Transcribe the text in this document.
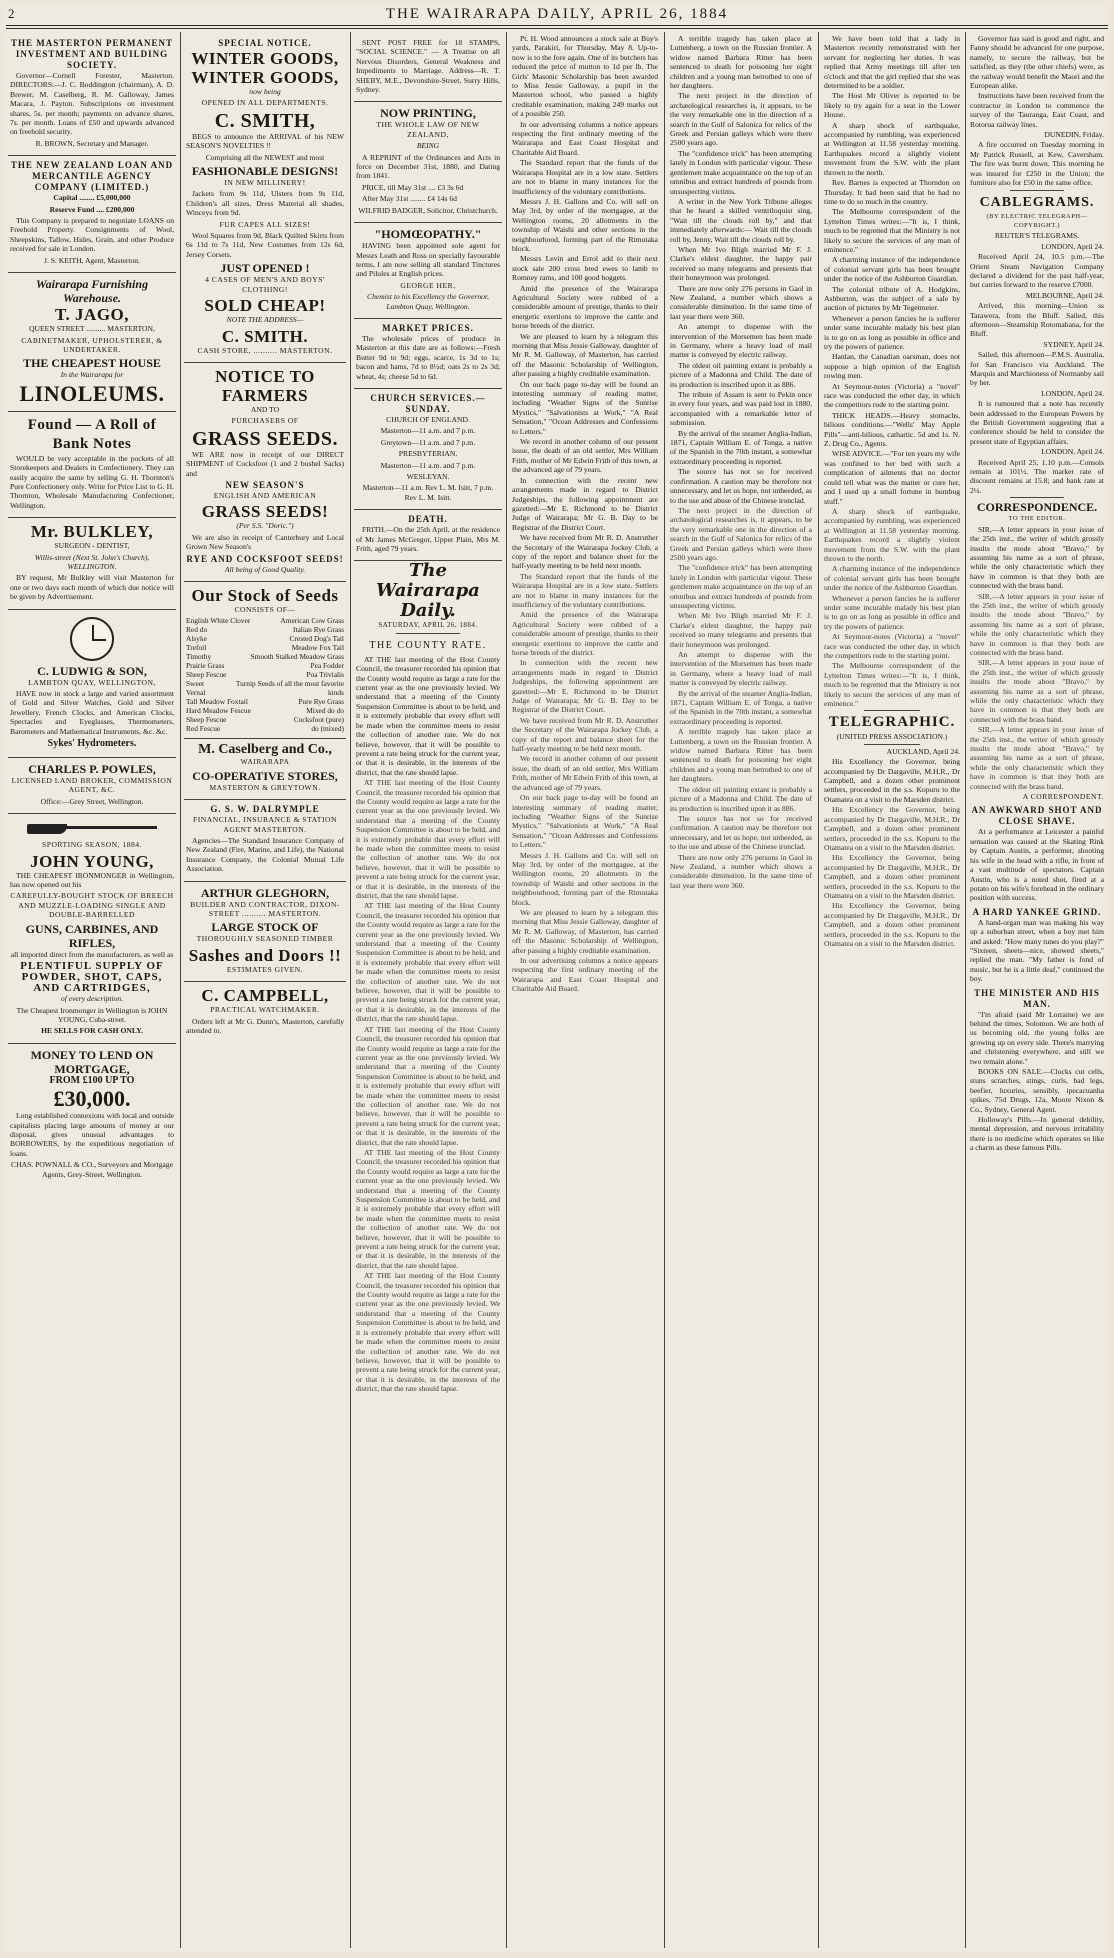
2	THE WAIRARAPA DAILY, APRIL 26, 1884
THE MASTERTON PERMANENT INVESTMENT AND BUILDING SOCIETY.

Governor—Cornell Forester, Masterton. DIRECTORS:—J. C. Boddington (chairman), A. D. Brewer, M. Caselberg, R. M. Galloway, James Macara, J. Payton. Subscriptions on investment shares, 5s. per month; payments on advance shares, 7s. per month. Loans of £50 and upwards advanced on freehold security.

R. BROWN, Secretary and Manager.

THE NEW ZEALAND LOAN AND MERCANTILE AGENCY COMPANY (LIMITED.)

Capital ........ £5,000,000

Reserve Fund .... £200,000

This Company is prepared to negotiate LOANS on Freehold Property. Consignments of Wool, Sheepskins, Tallow, Hides, Grain, and other Produce received for sale in London.

J. S. KEITH, Agent, Masterton.

Wairarapa Furnishing Warehouse.
T. JAGO,

QUEEN STREET .......... MASTERTON,

CABINETMAKER, UPHOLSTERER, & UNDERTAKER.

THE CHEAPEST HOUSE

In the Wairarapa for

LINOLEUMS.
Found — A Roll of Bank Notes

WOULD be very acceptable in the pockets of all Storekeepers and Dealers in Confectionery. They can easily acquire the same by selling G. H. Thornton's Pure Confectionery only. Write for Price List to G. H. Thornton, Wholesale Manufacturing Confectioner, Wellington.

Mr. BULKLEY,

SURGEON - DENTIST,

Willis-street (Next St. John's Church), WELLINGTON.

BY request, Mr Bulkley will visit Masterton for one or two days each month of which due notice will be given by Advertisement.

C. LUDWIG & SON,

LAMBTON QUAY, WELLINGTON,

HAVE now in stock a large and varied assortment of Gold and Silver Watches, Gold and Silver Jewellery, French Clocks, and American Clocks, Spectacles and Eyeglasses, Thermometers, Barometers and Mathematical Instruments, &c. &c.

Sykes' Hydrometers.

CHARLES P. POWLES,

LICENSED LAND BROKER, COMMISSION AGENT, &C.

Office:—Grey Street, Wellington.

SPORTING SEASON, 1884.

JOHN YOUNG,

THE CHEAPEST IRONMONGER in Wellington, has now opened out his

CAREFULLY-BOUGHT STOCK OF BREECH AND MUZZLE-LOADING SINGLE AND DOUBLE-BARRELLED

GUNS, CARBINES, AND RIFLES,

all imported direct from the manufacturers, as well as

PLENTIFUL SUPPLY OF POWDER, SHOT, CAPS, AND CARTRIDGES,

of every description.

The Cheapest Ironmonger in Wellington is JOHN YOUNG, Cuba-street.

HE SELLS FOR CASH ONLY.

MONEY TO LEND ON MORTGAGE,

FROM £100 UP TO

£30,000.

Long established connexions with local and outside capitalists placing large amounts of money at our disposal, gives unusual advantages to BORROWERS, by the expeditious negotiation of loans.

CHAS. POWNALL & CO., Surveyors and Mortgage Agents, Grey-Street, Wellington.

SPECIAL NOTICE.
WINTER GOODS,
WINTER GOODS,

now being

OPENED IN ALL DEPARTMENTS.

C. SMITH,

BEGS to announce the ARRIVAL of his NEW SEASON'S NOVELTIES !!

Comprising all the NEWEST and most

FASHIONABLE DESIGNS!

IN NEW MILLINERY!

Jackets from 9s 11d, Ulsters from 9s 11d, Children's all sizes, Dress Material all shades, Winceys from 9d.

FUR CAPES ALL SIZES!

Wool Squares from 9d, Black Quilted Skirts from 6s 11d to 7s 11d, New Costumes from 12s 6d, Jersey Corsets.

JUST OPENED !

4 CASES OF MEN'S AND BOYS' CLOTHING!

SOLD CHEAP!

NOTE THE ADDRESS—

C. SMITH.

CASH STORE, .......... MASTERTON.

NOTICE TO FARMERS

AND TO

PURCHASERS OF

GRASS SEEDS.

WE ARE now in receipt of our DIRECT SHIPMENT of Cocksfoot (1 and 2 bushel Sacks) and

NEW SEASON'S

ENGLISH AND AMERICAN

GRASS SEEDS!

(Per S.S. "Doric.")

We are also in receipt of Canterbury and Local Grown New Season's

RYE AND COCKSFOOT SEEDS!

All being of Good Quality.

Our Stock of Seeds

CONSISTS OF—

English White Clover	American Cow Grass
Red do	Italian Rye Grass
Alsyke	Crested Dog's Tail
Trefoil	Meadow Fox Tail
Timothy	Smooth Stalked Meadow Grass
Prairie Grass	Pea Fodder
Sheep Fescue	Poa Trivialis
Sweet Vernal
Turnip Seeds of all the most favorite kinds
Tall Meadow Foxtail	Pure Rye Grass
Hard Meadow Fescue	Mixed do do
Sheep Fescue	Cocksfoot (pure)
Red Fescue	do (mixed)
M. Caselberg and Co.,

WAIRARAPA

CO-OPERATIVE STORES,

MASTERTON & GREYTOWN.

G. S. W. DALRYMPLE

FINANCIAL, INSURANCE & STATION AGENT MASTERTON.

Agencies—The Standard Insurance Company of New Zealand (Fire, Marine, and Life), the National Insurance Company, the Colonial Mutual Life Association.

ARTHUR GLEGHORN,

BUILDER AND CONTRACTOR, DIXON-STREET .......... MASTERTON.

LARGE STOCK OF

THOROUGHLY SEASONED TIMBER

Sashes and Doors !!

ESTIMATES GIVEN.

C. CAMPBELL,

PRACTICAL WATCHMAKER.

Orders left at Mr G. Dunn's, Masterton, carefully attended to.

SENT POST FREE for 18 STAMPS, "SOCIAL SCIENCE." — A Treatise on all Nervous Disorders, General Weakness and Impediments to Marriage. Address—R. T. SHEBY, M.E., Devonshire-Street, Surry Hills, Sydney.

NOW PRINTING,

THE WHOLE LAW OF NEW ZEALAND,

BEING

A REPRINT of the Ordinances and Acts in force on December 31st, 1880, and Dating from 1841.

PRICE, till May 31st .... £3 3s 6d

After May 31st ........ £4 14s 6d

WILFRID BADGER, Solicitor, Christchurch.

"HOMŒOPATHY."

HAVING been appointed sole agent for Messrs Leath and Ross on specially favourable terms, I am now selling all standard Tinctures and Pilules at English prices.

GEORGE HER,

Chemist to his Excellency the Governor, Lambton Quay, Wellington.

MARKET PRICES.

The wholesale prices of produce in Masterton at this date are as follows:—Fresh Butter 9d to 9d; eggs, scarce, 1s 3d to 1s; bacon and hams, 7d to 8½d; oats 2s to 2s 3d; wheat, 4s; cheese 5d to 6d.

CHURCH SERVICES.—SUNDAY.

CHURCH OF ENGLAND.

Masterton—11 a.m. and 7 p.m.

Greytown—11 a.m. and 7 p.m.

PRESBYTERIAN.

Masterton—11 a.m. and 7 p.m.

WESLEYAN.

Masterton—11 a.m. Rev L. M. Isitt, 7 p.m. Rev L. M. Isitt.

DEATH.

FRITH.—On the 25th April, at the residence of Mr James McGregor, Upper Plain, Mrs M. Frith, aged 79 years.

The Wairarapa Daily.

SATURDAY, APRIL 26, 1884.

THE COUNTY RATE.

AT THE last meeting of the Host County Council, the treasurer recorded his opinion that the County would require as large a rate for the current year as the one previously levied. We understand that a meeting of the County Suspension Committee is about to be held, and it is extremely probable that every effort will be made when the committee meets to resist the collection of another rate. We do not believe, however, that it will be possible to prevent a rate being struck for the current year, or that it is desirable, in the interests of the district, that the rate should lapse.

AT THE last meeting of the Host County Council, the treasurer recorded his opinion that the County would require as large a rate for the current year as the one previously levied. We understand that a meeting of the County Suspension Committee is about to be held, and it is extremely probable that every effort will be made when the committee meets to resist the collection of another rate. We do not believe, however, that it will be possible to prevent a rate being struck for the current year, or that it is desirable, in the interests of the district, that the rate should lapse.

AT THE last meeting of the Host County Council, the treasurer recorded his opinion that the County would require as large a rate for the current year as the one previously levied. We understand that a meeting of the County Suspension Committee is about to be held, and it is extremely probable that every effort will be made when the committee meets to resist the collection of another rate. We do not believe, however, that it will be possible to prevent a rate being struck for the current year, or that it is desirable, in the interests of the district, that the rate should lapse.

AT THE last meeting of the Host County Council, the treasurer recorded his opinion that the County would require as large a rate for the current year as the one previously levied. We understand that a meeting of the County Suspension Committee is about to be held, and it is extremely probable that every effort will be made when the committee meets to resist the collection of another rate. We do not believe, however, that it will be possible to prevent a rate being struck for the current year, or that it is desirable, in the interests of the district, that the rate should lapse.

AT THE last meeting of the Host County Council, the treasurer recorded his opinion that the County would require as large a rate for the current year as the one previously levied. We understand that a meeting of the County Suspension Committee is about to be held, and it is extremely probable that every effort will be made when the committee meets to resist the collection of another rate. We do not believe, however, that it will be possible to prevent a rate being struck for the current year, or that it is desirable, in the interests of the district, that the rate should lapse.

AT THE last meeting of the Host County Council, the treasurer recorded his opinion that the County would require as large a rate for the current year as the one previously levied. We understand that a meeting of the County Suspension Committee is about to be held, and it is extremely probable that every effort will be made when the committee meets to resist the collection of another rate. We do not believe, however, that it will be possible to prevent a rate being struck for the current year, or that it is desirable, in the interests of the district, that the rate should lapse.

Pt. H. Wood announces a stock sale at Buy's yards, Parakiri, for Thursday, May 8. Up-to-now is to the fore again. One of its butchers has reduced the price of mutton to 1d per lb. The Girls' Masonic Scholarship has been awarded to Miss Jessie Galloway, a pupil in the Masterton school, who passed a highly creditable examination, making 249 marks out of a possible 250.

In our advertising columns a notice appears respecting the first ordinary meeting of the Wairarapa and East Coast Hospital and Charitable Aid Board.

The Standard report that the funds of the Wairarapa Hospital are in a low state. Settlers are not to blame in many instances for the insufficiency of the voluntary contributions.

Messrs J. H. Gallons and Co. will sell on May 3rd, by order of the mortgagee, at the Wellington rooms, 20 allotments in the township of Waishi and other sections in the neighbourhood, forming part of the Rimutaka block.

Messrs Levin and Errol add to their next stock sale 200 cross bred ewes to lamb to Romney rams, and 100 good hoggets.

Amid the presence of the Wairarapa Agricultural Society were rubbed of a considerable amount of prestige, thanks to their energetic exertions to improve the cattle and horse breeds of the district.

We are pleased to learn by a telegram this morning that Miss Jessie Galloway, daughter of Mr R. M. Galloway, of Masterton, has carried off the Masonic Scholarship of Wellington, after passing a highly creditable examination.

On our back page to-day will be found an interesting summary of reading matter, including "Weather Signs of the Sunrise Mystics," "Salvationists at Work," "A Real Sensation," "Ocean Addresses and Confessions to Letters."

We record in another column of our present issue, the death of an old settler, Mrs William Frith, mother of Mr Edwin Frith of this town, at the advanced age of 79 years.

In connection with the recent new arrangements made in regard to District Judgeships, the following appointment are gazetted:—Mr E. Richmond to be District Judge of Wairarapa; Mr G. B. Day to be Registrar of the District Court.

We have received from Mr R. D. Anstruther the Secretary of the Wairarapa Jockey Club, a copy of the report and balance sheet for the half-yearly meeting to be held next month.

The Standard report that the funds of the Wairarapa Hospital are in a low state. Settlers are not to blame in many instances for the insufficiency of the voluntary contributions.

Amid the presence of the Wairarapa Agricultural Society were rubbed of a considerable amount of prestige, thanks to their energetic exertions to improve the cattle and horse breeds of the district.

In connection with the recent new arrangements made in regard to District Judgeships, the following appointment are gazetted:—Mr E. Richmond to be District Judge of Wairarapa; Mr G. B. Day to be Registrar of the District Court.

We have received from Mr R. D. Anstruther the Secretary of the Wairarapa Jockey Club, a copy of the report and balance sheet for the half-yearly meeting to be held next month.

We record in another column of our present issue, the death of an old settler, Mrs William Frith, mother of Mr Edwin Frith of this town, at the advanced age of 79 years.

On our back page to-day will be found an interesting summary of reading matter, including "Weather Signs of the Sunrise Mystics," "Salvationists at Work," "A Real Sensation," "Ocean Addresses and Confessions to Letters."

Messrs J. H. Gallons and Co. will sell on May 3rd, by order of the mortgagee, at the Wellington rooms, 20 allotments in the township of Waishi and other sections in the neighbourhood, forming part of the Rimutaka block.

We are pleased to learn by a telegram this morning that Miss Jessie Galloway, daughter of Mr R. M. Galloway, of Masterton, has carried off the Masonic Scholarship of Wellington, after passing a highly creditable examination.

In our advertising columns a notice appears respecting the first ordinary meeting of the Wairarapa and East Coast Hospital and Charitable Aid Board.

A terrible tragedy has taken place at Luttenberg, a town on the Russian frontier. A widow named Barbara Ritter has been sentenced to death for poisoning her eight children and a young man betrothed to one of her daughters.

The next project in the direction of archæological researches is, it appears, to be the very remarkable one in the direction of a search in the Gulf of Salonica for relics of the Greek and Persian galleys which were there 2500 years ago.

The "confidence trick" has been attempting lately in London with particular vigour. These gentlemen make acquaintance on the top of an omnibus and extract hundreds of pounds from unsuspecting victims.

A writer in the New York Tribune alleges that he heard a skilled ventriloquist sing, "Wait till the clouds roll by," and that immediately afterwards:— Wait till the clouds roll by, Jenny, Wait till the clouds roll by.

When Mr Ivo Bligh married Mr F. J. Clarke's eldest daughter, the happy pair received so many telegrams and presents that their honeymoon was prolonged.

There are now only 276 persons in Gaol in New Zealand, a number which shows a considerable diminution. In the same time of last year there were 360.

An attempt to dispense with the intervention of the Morsemen has been made in Germany, where a heavy load of mail matter is conveyed by electric railway.

The oldest oil painting extant is probably a picture of a Madonna and Child. The date of its production is inscribed upon it as 886.

The tribute of Assam is sent to Pekin once in every four years, and was paid lost in 1880, accompanied with a remarkable letter of submission.

By the arrival of the steamer Anglia-Indian, 1871, Captain William E. of Tonga, a native of the Spanish in the 70th instant, a somewhat extraordinary proceeding is reported.

The source has not so for received confirmation. A caution may be therefore not unnecessary, and let us hope, not unheeded, as to the use and abuse of the Chinese ironclad.

The next project in the direction of archæological researches is, it appears, to be the very remarkable one in the direction of a search in the Gulf of Salonica for relics of the Greek and Persian galleys which were there 2500 years ago.

The "confidence trick" has been attempting lately in London with particular vigour. These gentlemen make acquaintance on the top of an omnibus and extract hundreds of pounds from unsuspecting victims.

When Mr Ivo Bligh married Mr F. J. Clarke's eldest daughter, the happy pair received so many telegrams and presents that their honeymoon was prolonged.

An attempt to dispense with the intervention of the Morsemen has been made in Germany, where a heavy load of mail matter is conveyed by electric railway.

By the arrival of the steamer Anglia-Indian, 1871, Captain William E. of Tonga, a native of the Spanish in the 70th instant, a somewhat extraordinary proceeding is reported.

A terrible tragedy has taken place at Luttenberg, a town on the Russian frontier. A widow named Barbara Ritter has been sentenced to death for poisoning her eight children and a young man betrothed to one of her daughters.

The oldest oil painting extant is probably a picture of a Madonna and Child. The date of its production is inscribed upon it as 886.

The source has not so for received confirmation. A caution may be therefore not unnecessary, and let us hope, not unheeded, as to the use and abuse of the Chinese ironclad.

There are now only 276 persons in Gaol in New Zealand, a number which shows a considerable diminution. In the same time of last year there were 360.

We have been told that a lady in Masterton recently remonstrated with her servant for neglecting her duties. It was replied that Army meetings till after ten o'clock and that the girl replied that she was determined to be a soldier.

The Host Mr Oliver is reported to be likely to try again for a seat in the Lower House.

A sharp shock of earthquake, accompanied by rumbling, was experienced at Wellington at 11.58 yesterday morning. Earthquakes record a slightly violent movement from the S.W. with the plant thrown to the north.

Rev. Barnes is expected at Thorndon on Thursday. It had been said that he had no time to do so much in the country.

The Melbourne correspondent of the Lyttelton Times writes:—"It is, I think, much to be regretted that the Ministry is not likely to secure the services of any man of eminence."

A charming instance of the independence of colonial servant girls has been brought under the notice of the Ashburton Guardian.

The colonial tribute of A. Hodgkins, Ashburton, was the subject of a sale by auction of pictures by Mr Tegetmeier.

Whenever a person fancies he is sufferer under some incurable malady his best plan is to go on as long as possible in office and try the powers of patience.

Hanlan, the Canadian oarsman, does not suppose a high opinion of the English rowing men.

At Seymour-notes (Victoria) a "novel" race was conducted the other day, in which the competitors rode to the starting point.

THICK HEADS.—Heavy stomachs, bilious conditions.—"Wells' May Apple Pills"—anti-bilious, cathartic. 5d and 1s. N. Z. Drug Co., Agents.

WISE ADVICE.—"For ten years my wife was confined to her bed with such a complication of ailments that no doctor could tell what was the matter or cure her, and I used up a small fortune in humbug stuff."

A sharp shock of earthquake, accompanied by rumbling, was experienced at Wellington at 11.58 yesterday morning. Earthquakes record a slightly violent movement from the S.W. with the plant thrown to the north.

A charming instance of the independence of colonial servant girls has been brought under the notice of the Ashburton Guardian.

Whenever a person fancies he is sufferer under some incurable malady his best plan is to go on as long as possible in office and try the powers of patience.

At Seymour-notes (Victoria) a "novel" race was conducted the other day, in which the competitors rode to the starting point.

The Melbourne correspondent of the Lyttelton Times writes:—"It is, I think, much to be regretted that the Ministry is not likely to secure the services of any man of eminence."

TELEGRAPHIC.

(UNITED PRESS ASSOCIATION.)

AUCKLAND, April 24.

His Excellency the Governor, being accompanied by Dr Dargaville, M.H.R., Dr Campbell, and a dozen other prominent settlers, proceeded in the s.s. Kopuru to the Otamatea on a visit to the Marsden district.

His Excellency the Governor, being accompanied by Dr Dargaville, M.H.R., Dr Campbell, and a dozen other prominent settlers, proceeded in the s.s. Kopuru to the Otamatea on a visit to the Marsden district.

His Excellency the Governor, being accompanied by Dr Dargaville, M.H.R., Dr Campbell, and a dozen other prominent settlers, proceeded in the s.s. Kopuru to the Otamatea on a visit to the Marsden district.

His Excellency the Governor, being accompanied by Dr Dargaville, M.H.R., Dr Campbell, and a dozen other prominent settlers, proceeded in the s.s. Kopuru to the Otamatea on a visit to the Marsden district.

Governor has said is good and right, and Fanny should be advanced for one purpose, namely, to secure the railway, but be satisfied, as they (the other chiefs) were, as the railway would benefit the Maori and the European alike.

Instructions have been received from the contractor in London to commence the survey of the Tauranga, East Coast, and Rotorua railway lines.

DUNEDIN, Friday.

A fire occurred on Tuesday morning in Mr Patrick Russell, at Kew, Caversham. The fire was burnt down. This morning he was insured for £250 in the Union; the furniture also for £50 in the same office.

CABLEGRAMS.

(BY ELECTRIC TELEGRAPH—COPYRIGHT.)

REUTER'S TELEGRAMS.

LONDON, April 24.

Received April 24, 10.5 p.m.—The Orient Steam Navigation Company declared a dividend for the past half-year, but carries forward to the reserve £7000.

MELBOURNE, April 24.

Arrived, this morning—Union ss Tarawera, from the Bluff. Sailed, this afternoon—Steamship Rotomahana, for the Bluff.

SYDNEY, April 24.

Sailed, this afternoon—P.M.S. Australia, for San Francisco via Auckland. The Marquis and Marchioness of Normanby sail by her.

LONDON, April 24.

It is rumoured that a note has recently been addressed to the European Powers by the British Government suggesting that a conference should be held to consider the present state of Egyptian affairs.

LONDON, April 24.

Received April 25, 1.10 p.m.—Consols remain at 101½. The market rate of discount remains at 15.8; and bank rate at 2¼.

CORRESPONDENCE.

TO THE EDITOR.

SIR,—A letter appears in your issue of the 25th inst., the writer of which grossly insults the mode about "Bravo," by assuming his name as a sort of phrase, while the only characteristic which they have in common is that they both are connected with the brass band.

SIR,—A letter appears in your issue of the 25th inst., the writer of which grossly insults the mode about "Bravo," by assuming his name as a sort of phrase, while the only characteristic which they have in common is that they both are connected with the brass band.

SIR,—A letter appears in your issue of the 25th inst., the writer of which grossly insults the mode about "Bravo," by assuming his name as a sort of phrase, while the only characteristic which they have in common is that they both are connected with the brass band.

SIR,—A letter appears in your issue of the 25th inst., the writer of which grossly insults the mode about "Bravo," by assuming his name as a sort of phrase, while the only characteristic which they have in common is that they both are connected with the brass band.

A CORRESPONDENT.

AN AWKWARD SHOT AND CLOSE SHAVE.

At a performance at Leicester a painful sensation was caused at the Skating Rink by Captain Austin, a performer, shooting his wife in the head with a rifle, in front of a vast multitude of spectators. Captain Austin, who is a noted shot, fired at a potato on his wife's forehead in the ordinary position with success.

A HARD YANKEE GRIND.

A hand-organ man was making his way up a suburban street, when a boy met him and asked: "How many tunes do you play?" "Sixteen, sheets—nice, showed sheets," replied the man. "My father is fond of music, but he is a little deaf," continued the boy.

THE MINISTER AND HIS MAN.

"I'm afraid (said Mr Lorraine) we are behind the times, Solomon. We are both of us becoming old, the young folks are growing up on every side. There's marrying and christening everywhere, and still we two remain alone."

BOOKS ON SALE.—Clocks cut cells, stuns scratches, stings, curls, bad legs, beefier, luxuries, sensibly, ipecacuanha spikes, 75d Drugs, 12a, Moore Nixon & Co., Sydney, General Agent.

Holloway's Pills.—In general debility, mental depression, and nervous irritability there is no medicine which operates so like a charm as these famous Pills.
